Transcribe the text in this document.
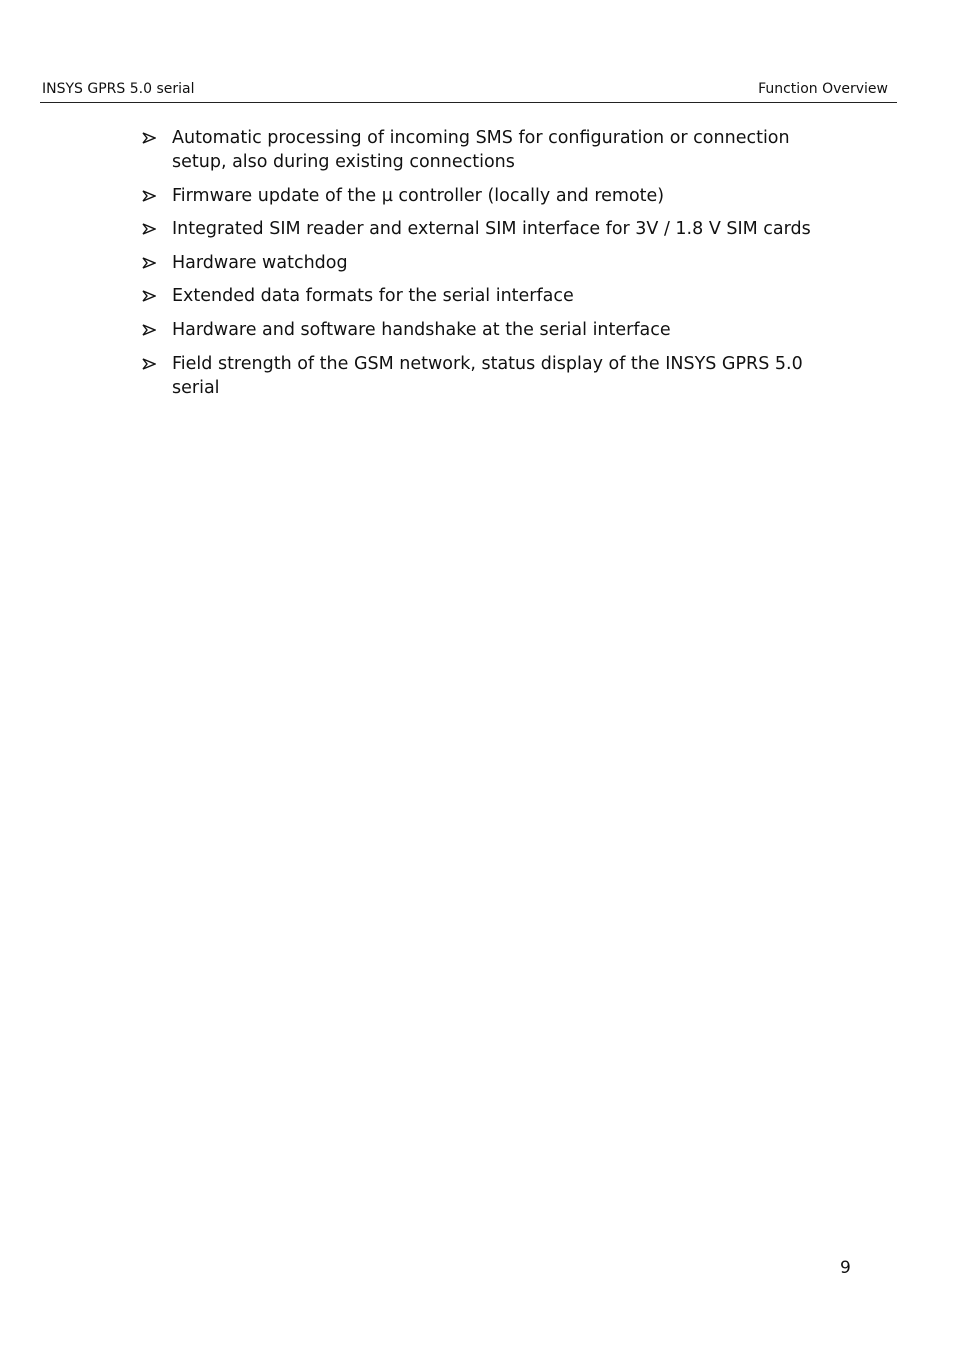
INSYS GPRS 5.0 serial	Function Overview
Automatic processing of incoming SMS for configuration or connection setup, also during existing connections
Firmware update of the µ controller (locally and remote)
Integrated SIM reader and external SIM interface for 3V / 1.8 V SIM cards
Hardware watchdog
Extended data formats for the serial interface
Hardware and software handshake at the serial interface
Field strength of the GSM network, status display of the INSYS GPRS 5.0 serial
9
